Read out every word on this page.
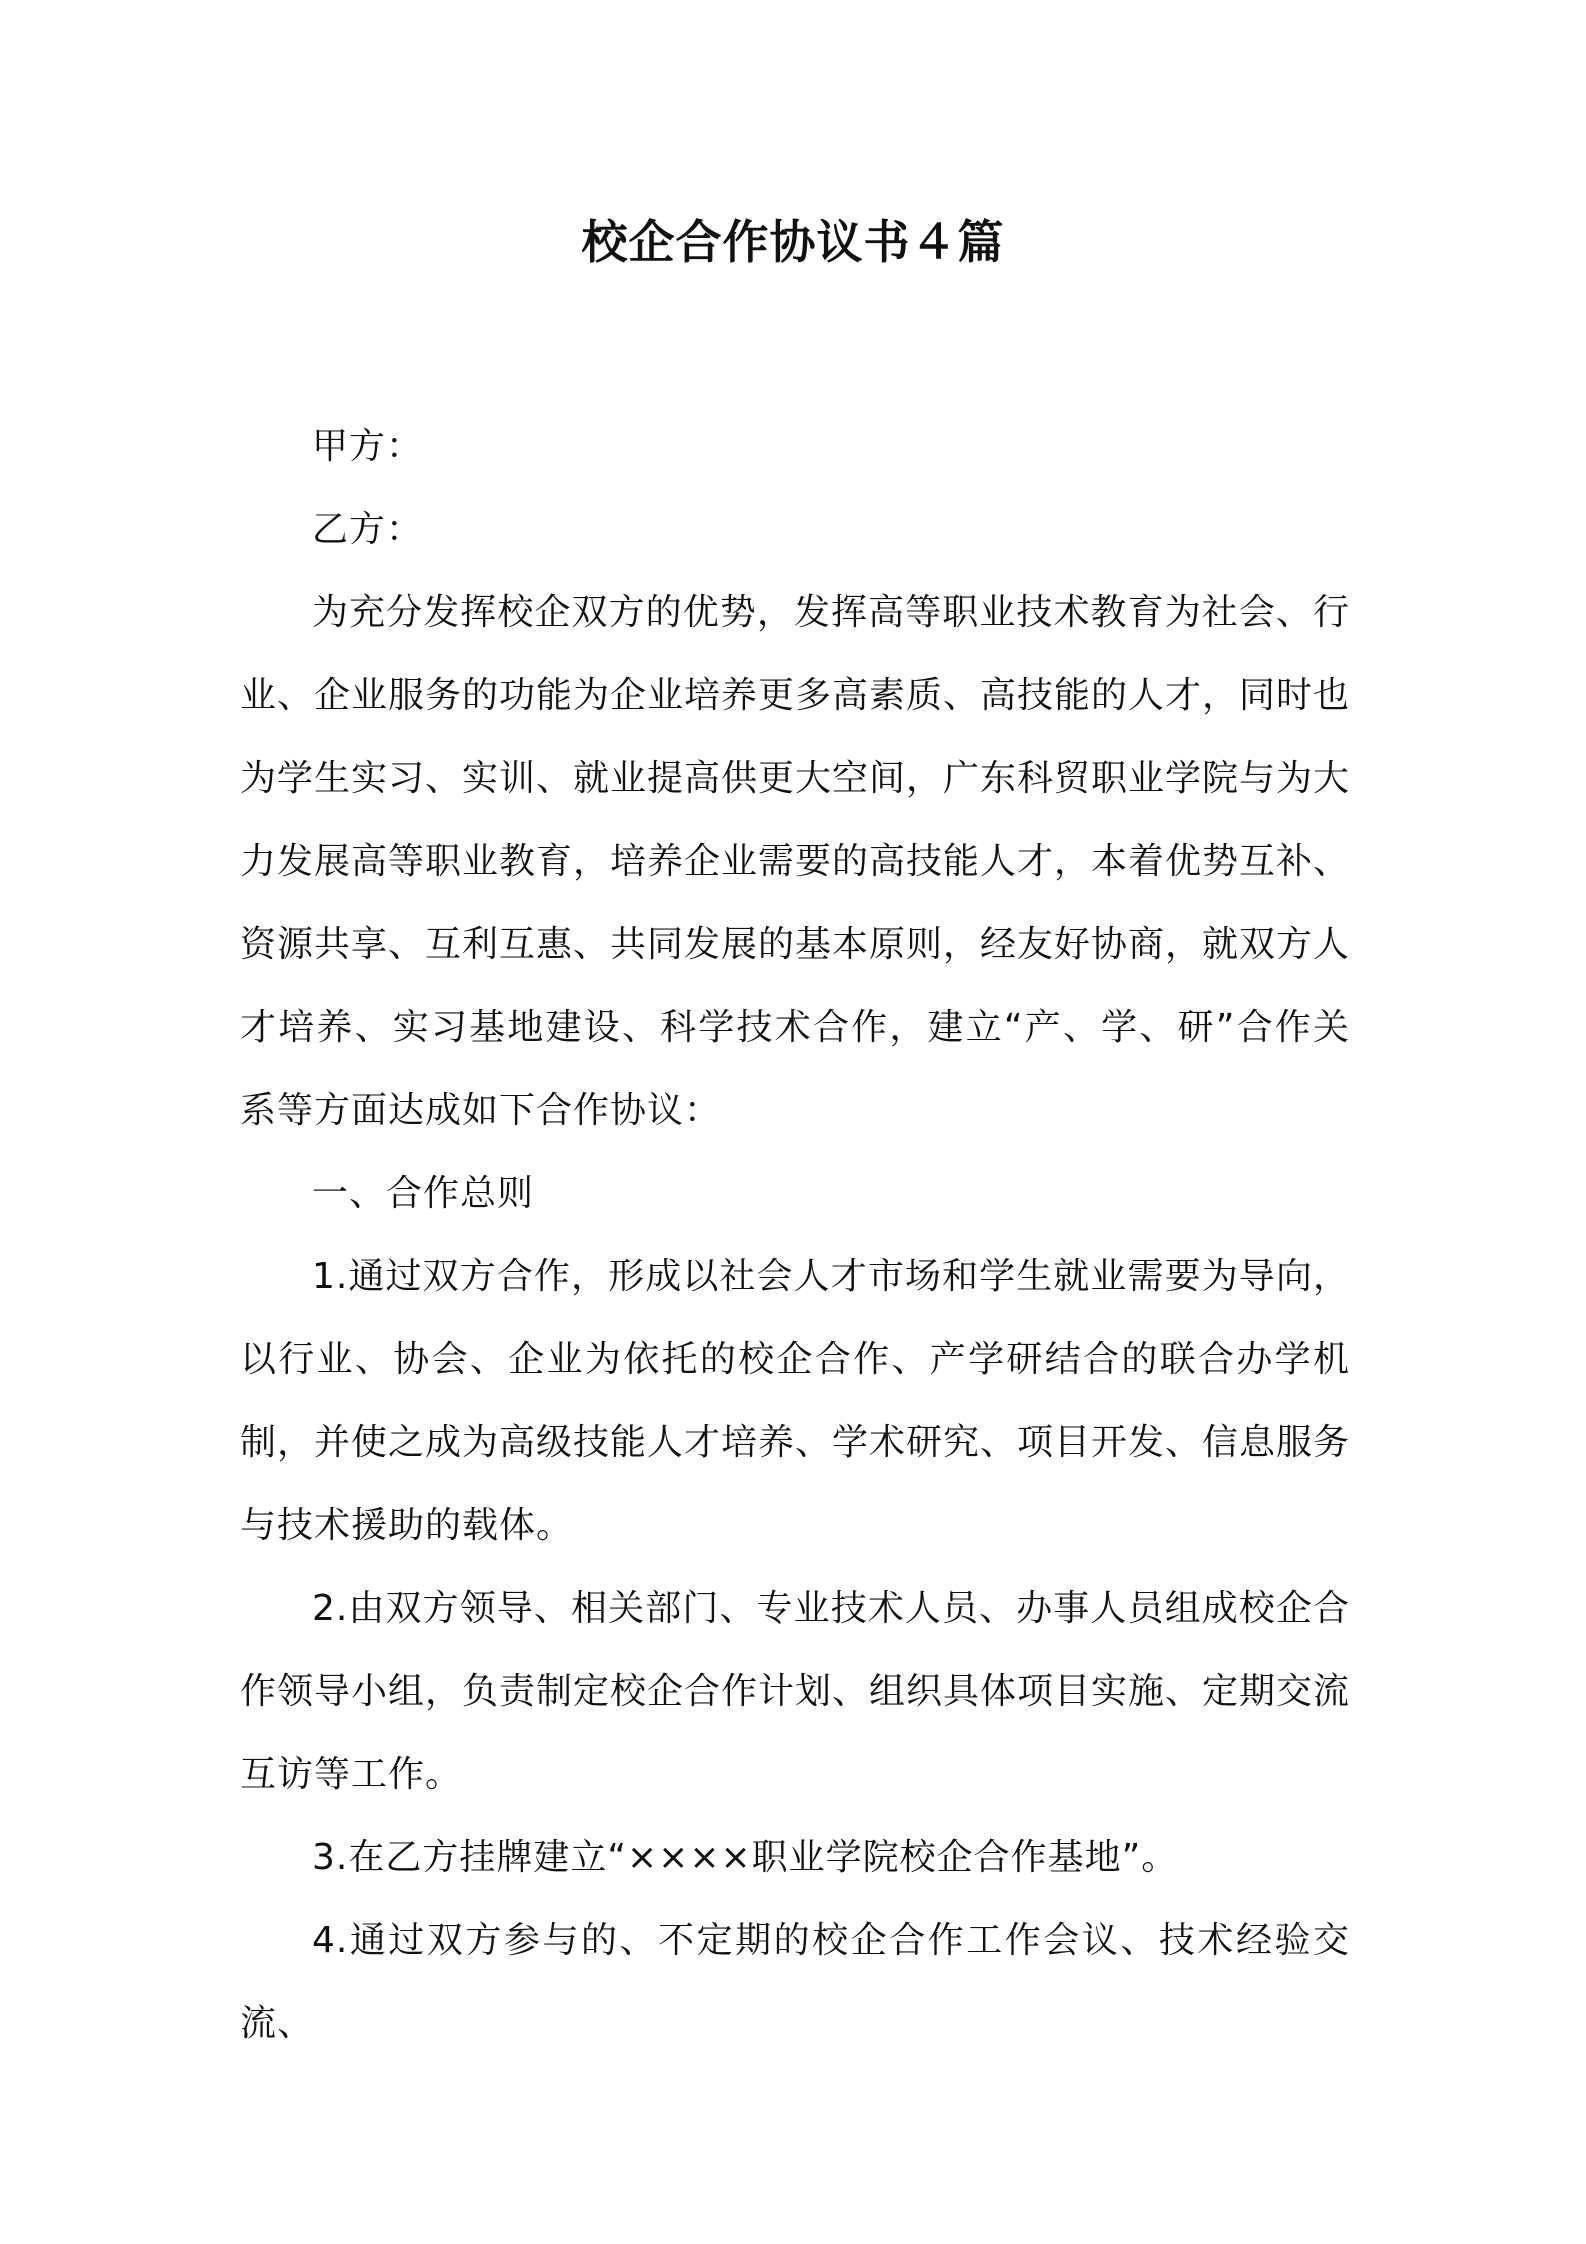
校企合作协议书４篇

甲方：

乙方：

为充分发挥校企双方的优势，发挥高等职业技术教育为社会、行业、企业服务的功能为企业培养更多高素质、高技能的人才，同时也为学生实习、实训、就业提高供更大空间，广东科贸职业学院与为大力发展高等职业教育，培养企业需要的高技能人才，本着优势互补、资源共享、互利互惠、共同发展的基本原则，经友好协商，就双方人才培养、实习基地建设、科学技术合作，建立“产、学、研”合作关系等方面达成如下合作协议：

一、合作总则

1.通过双方合作，形成以社会人才市场和学生就业需要为导向，以行业、协会、企业为依托的校企合作、产学研结合的联合办学机制，并使之成为高级技能人才培养、学术研究、项目开发、信息服务与技术援助的载体。

2.由双方领导、相关部门、专业技术人员、办事人员组成校企合作领导小组，负责制定校企合作计划、组织具体项目实施、定期交流互访等工作。

3.在乙方挂牌建立“××××职业学院校企合作基地”。

4.通过双方参与的、不定期的校企合作工作会议、技术经验交流、
